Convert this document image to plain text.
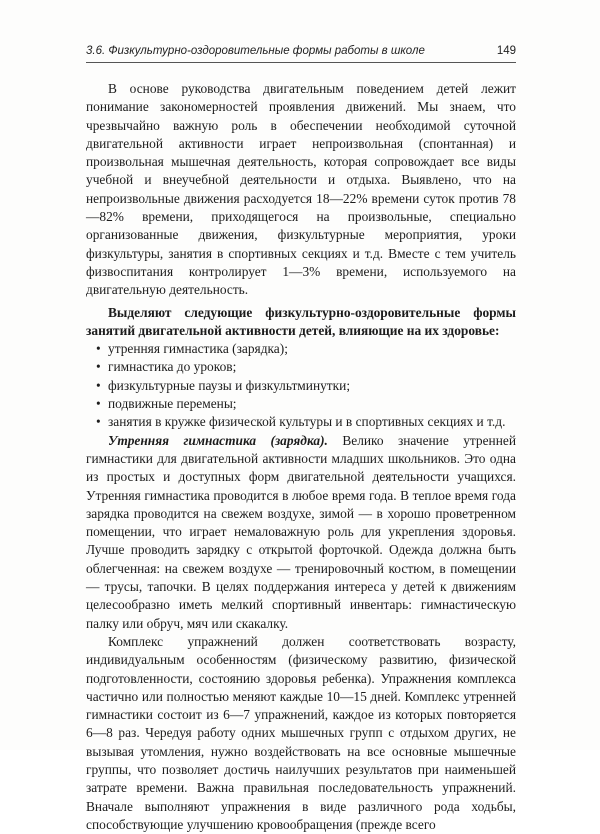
3.6. Физкультурно-оздоровительные формы работы в школе	149

В основе руководства двигательным поведением детей лежит понимание закономерностей проявления движений. Мы знаем, что чрезвычайно важную роль в обеспечении необходимой суточной двигательной активности играет непроизвольная (спонтанная) и произвольная мышечная деятельность, которая сопровождает все виды учебной и внеучебной деятельности и отдыха. Выявлено, что на непроизвольные движения расходуется 18—22% времени суток против 78—82% времени, приходящегося на произвольные, специально организованные движения, физкультурные мероприятия, уроки физкультуры, занятия в спортивных секциях и т.д. Вместе с тем учитель физвоспитания контролирует 1—3% времени, используемого на двигательную деятельность.

Выделяют следующие физкультурно-оздоровительные формы занятий двигательной активности детей, влияющие на их здоровье:

• утренняя гимнастика (зарядка);
• гимнастика до уроков;
• физкультурные паузы и физкультминутки;
• подвижные перемены;
• занятия в кружке физической культуры и в спортивных секциях и т.д.

Утренняя гимнастика (зарядка). Велико значение утренней гимнастики для двигательной активности младших школьников. Это одна из простых и доступных форм двигательной деятельности учащихся. Утренняя гимнастика проводится в любое время года. В теплое время года зарядка проводится на свежем воздухе, зимой — в хорошо проветренном помещении, что играет немаловажную роль для укрепления здоровья. Лучше проводить зарядку с открытой форточкой. Одежда должна быть облегченная: на свежем воздухе — тренировочный костюм, в помещении — трусы, тапочки. В целях поддержания интереса у детей к движениям целесообразно иметь мелкий спортивный инвентарь: гимнастическую палку или обруч, мяч или скакалку.

Комплекс упражнений должен соответствовать возрасту, индивидуальным особенностям (физическому развитию, физической подготовленности, состоянию здоровья ребенка). Упражнения комплекса частично или полностью меняют каждые 10—15 дней. Комплекс утренней гимнастики состоит из 6—7 упражнений, каждое из которых повторяется 6—8 раз. Чередуя работу одних мышечных групп с отдыхом других, не вызывая утомления, нужно воздействовать на все основные мышечные группы, что позволяет достичь наилучших результатов при наименьшей затрате времени. Важна правильная последовательность упражнений. Вначале выполняют упражнения в виде различного рода ходьбы, способствующие улучшению кровообращения (прежде всего
